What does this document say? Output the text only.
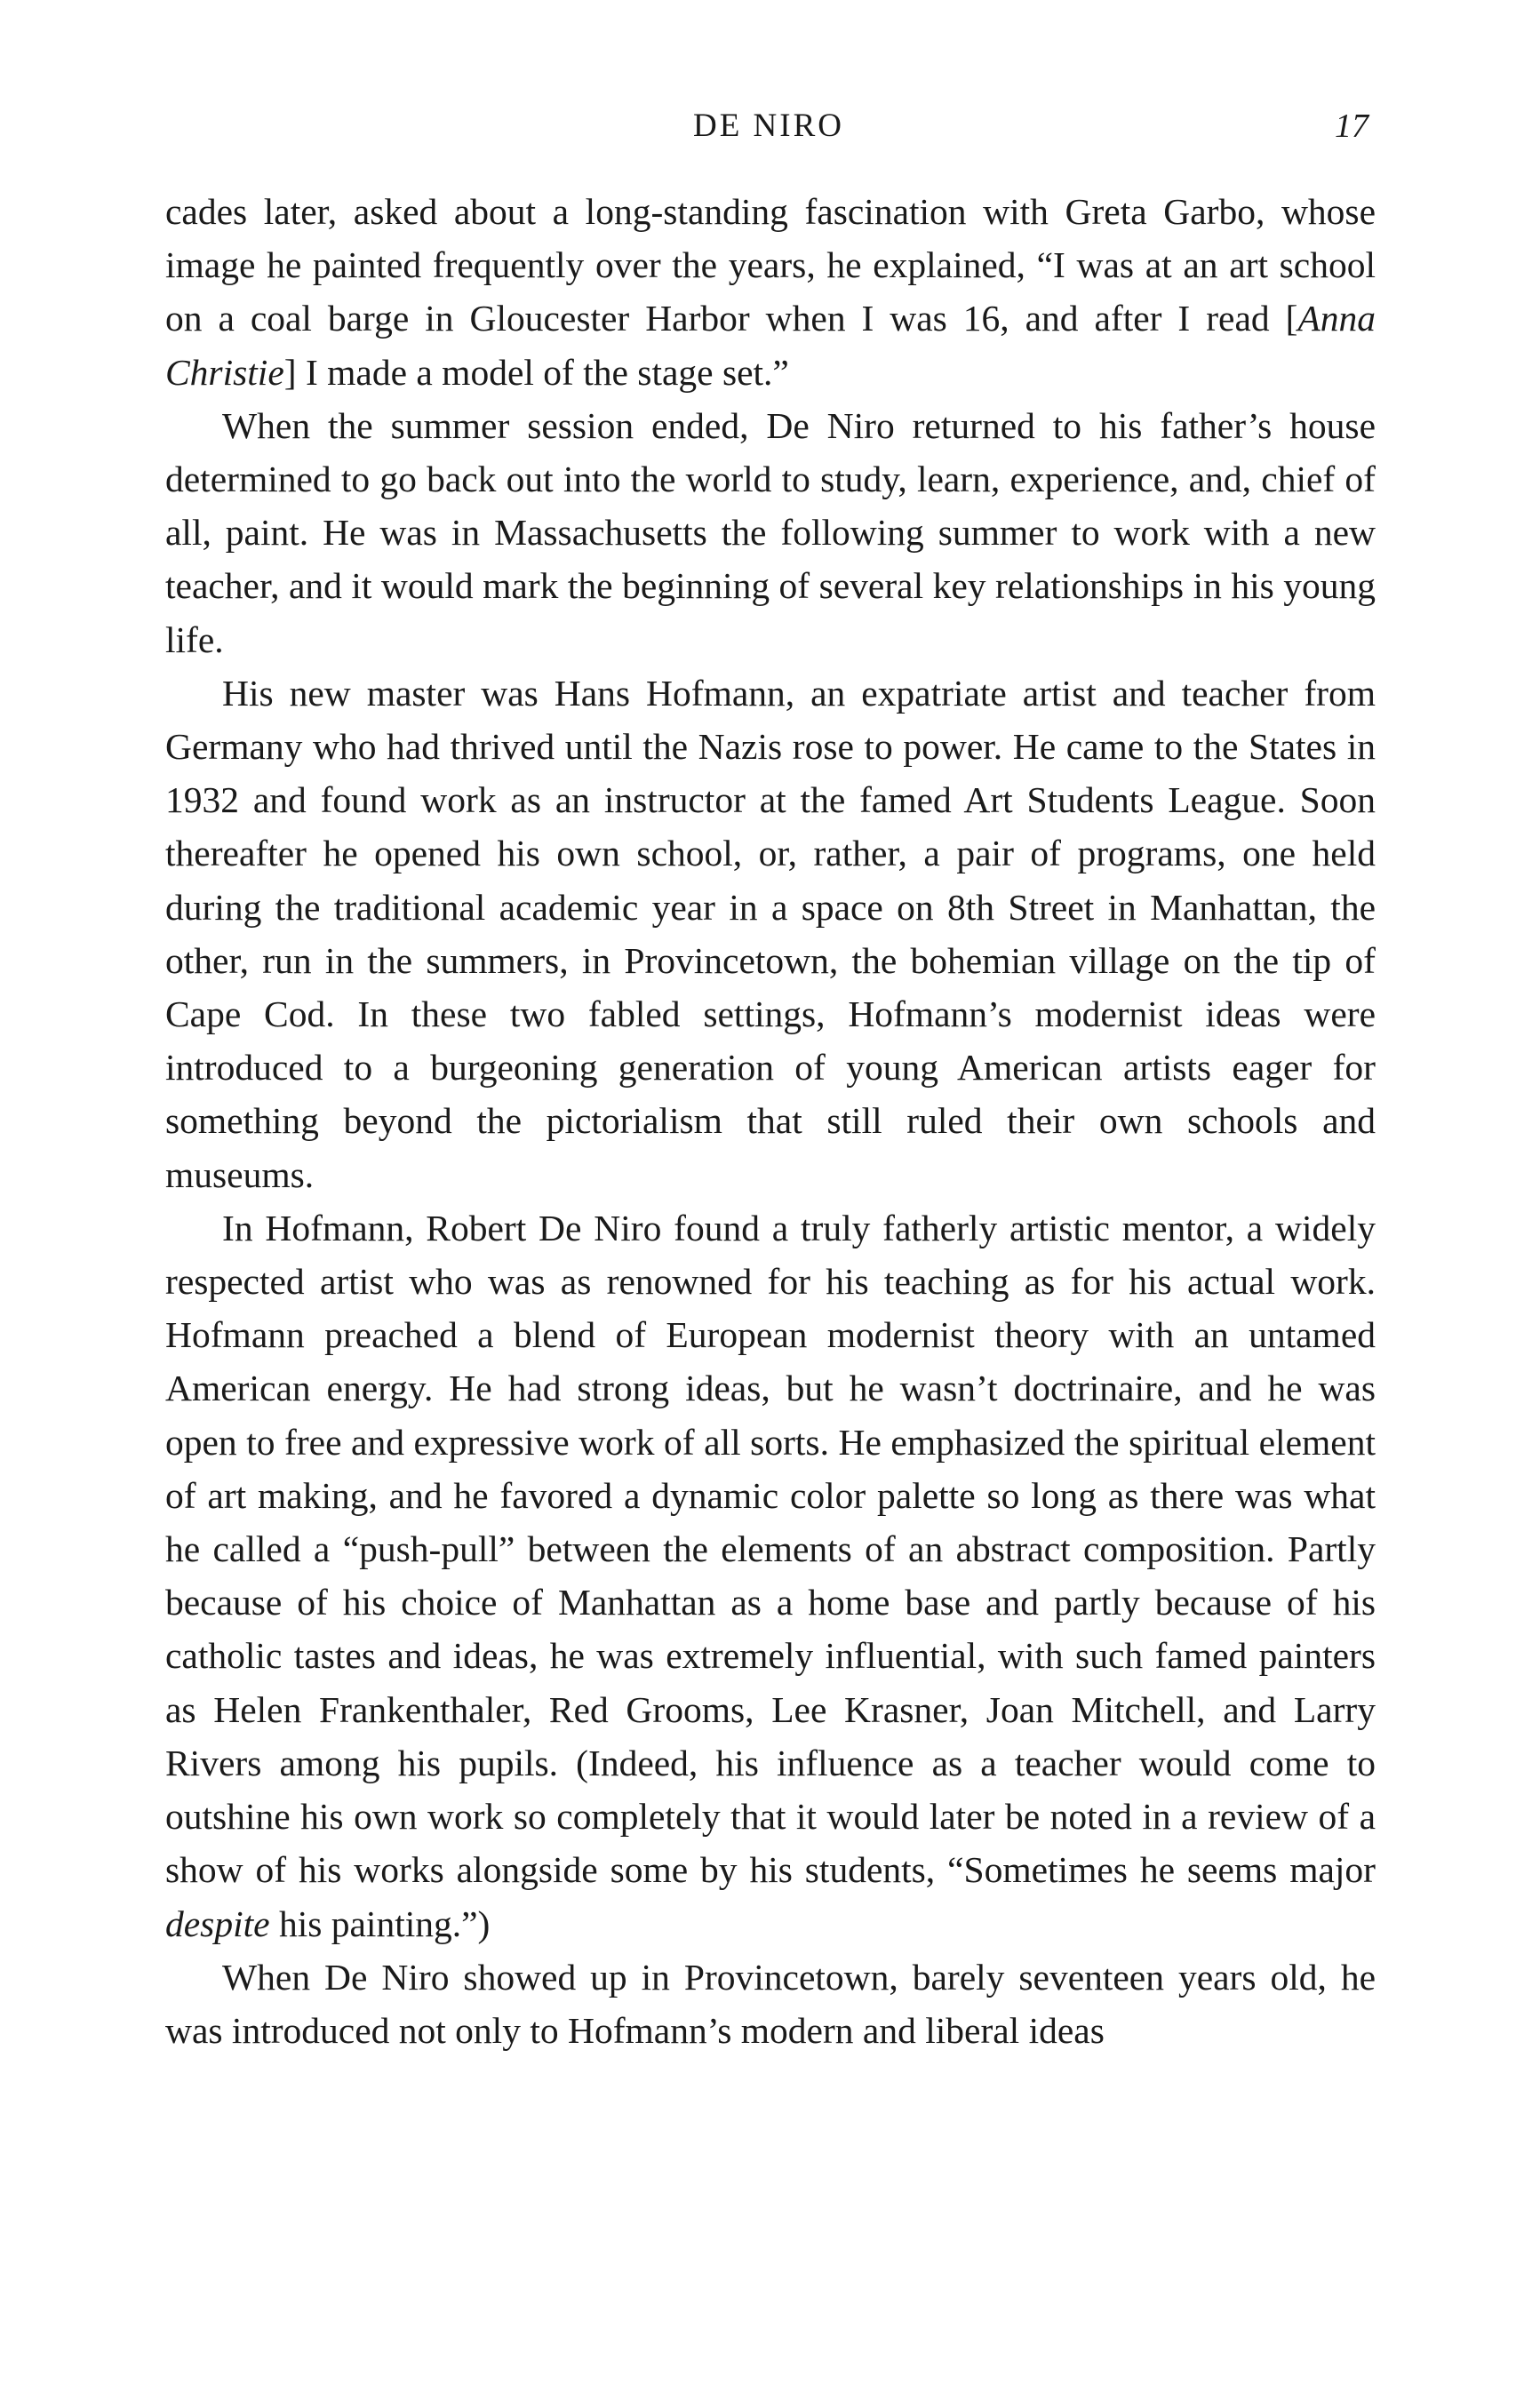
DE NIRO	17

cades later, asked about a long-standing fascination with Greta Garbo, whose image he painted frequently over the years, he explained, “I was at an art school on a coal barge in Gloucester Harbor when I was 16, and after I read [Anna Christie] I made a model of the stage set.”

When the summer session ended, De Niro returned to his father’s house determined to go back out into the world to study, learn, experience, and, chief of all, paint. He was in Massachusetts the following summer to work with a new teacher, and it would mark the beginning of several key relationships in his young life.

His new master was Hans Hofmann, an expatriate artist and teacher from Germany who had thrived until the Nazis rose to power. He came to the States in 1932 and found work as an instructor at the famed Art Students League. Soon thereafter he opened his own school, or, rather, a pair of programs, one held during the traditional academic year in a space on 8th Street in Manhattan, the other, run in the summers, in Provincetown, the bohemian village on the tip of Cape Cod. In these two fabled settings, Hofmann’s modernist ideas were introduced to a burgeoning generation of young American artists eager for something beyond the pictorialism that still ruled their own schools and museums.

In Hofmann, Robert De Niro found a truly fatherly artistic mentor, a widely respected artist who was as renowned for his teaching as for his actual work. Hofmann preached a blend of European modernist theory with an untamed American energy. He had strong ideas, but he wasn’t doctrinaire, and he was open to free and expressive work of all sorts. He emphasized the spiritual element of art making, and he favored a dynamic color palette so long as there was what he called a “push-pull” between the elements of an abstract composition. Partly because of his choice of Manhattan as a home base and partly because of his catholic tastes and ideas, he was extremely influential, with such famed painters as Helen Frankenthaler, Red Grooms, Lee Krasner, Joan Mitchell, and Larry Rivers among his pupils. (Indeed, his influence as a teacher would come to outshine his own work so completely that it would later be noted in a review of a show of his works alongside some by his students, “Sometimes he seems major despite his painting.”)

When De Niro showed up in Provincetown, barely seventeen years old, he was introduced not only to Hofmann’s modern and liberal ideas
